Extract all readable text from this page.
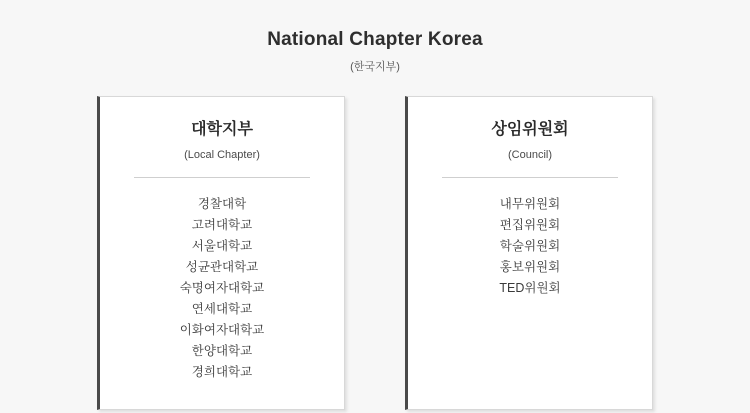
National Chapter Korea
(한국지부)
대학지부
(Local Chapter)
경찰대학
고려대학교
서울대학교
성균관대학교
숙명여자대학교
연세대학교
이화여자대학교
한양대학교
경희대학교
상임위원회
(Council)
내무위원회
편집위원회
학술위원회
홍보위원회
TED위원회
